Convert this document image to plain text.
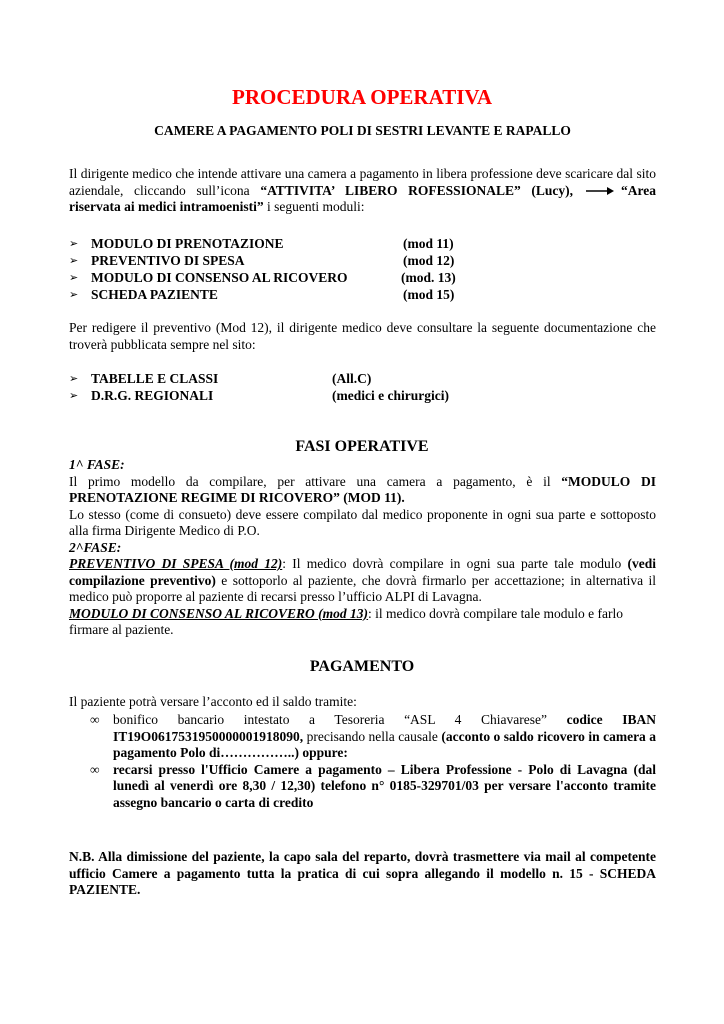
PROCEDURA OPERATIVA
CAMERE A PAGAMENTO POLI DI SESTRI LEVANTE E RAPALLO
Il dirigente medico che intende attivare una camera a pagamento in libera professione deve scaricare dal sito aziendale, cliccando sull’icona “ATTIVITA’ LIBERO ROFESSIONALE” (Lucy),	“Area riservata ai medici intramoenisti” i seguenti moduli:
➢ MODULO DI PRENOTAZIONE	(mod 11)
➢ PREVENTIVO DI SPESA	(mod 12)
➢ MODULO DI CONSENSO AL RICOVERO	(mod. 13)
➢ SCHEDA PAZIENTE	(mod 15)
Per redigere il preventivo (Mod 12), il dirigente medico deve consultare la seguente documentazione che troverà pubblicata sempre nel sito:
➢ TABELLE E CLASSI	(All.C)
➢ D.R.G. REGIONALI	(medici e chirurgici)
FASI OPERATIVE
1^ FASE:
Il primo modello da compilare, per attivare una camera a pagamento, è il “MODULO DI PRENOTAZIONE REGIME DI RICOVERO” (MOD 11).
Lo stesso (come di consueto) deve essere compilato dal medico proponente in ogni sua parte e sottoposto alla firma Dirigente Medico di P.O.
2^FASE:
PREVENTIVO DI SPESA (mod 12): Il medico dovrà compilare in ogni sua parte tale modulo (vedi compilazione preventivo) e sottoporlo al paziente, che dovrà firmarlo per accettazione; in alternativa il medico può proporre al paziente di recarsi presso l’ufficio ALPI di Lavagna.
MODULO DI CONSENSO AL RICOVERO (mod 13): il medico dovrà compilare tale modulo e farlo firmare al paziente.
PAGAMENTO
Il paziente potrà versare l’acconto ed il saldo tramite:
∞ bonifico bancario intestato a Tesoreria “ASL 4 Chiavarese” codice IBAN IT19O0617531950000001918090, precisando nella causale (acconto o saldo ricovero in camera a pagamento Polo di……………..) oppure:
∞ recarsi presso l'Ufficio Camere a pagamento – Libera Professione - Polo di Lavagna (dal lunedì al venerdì ore 8,30 / 12,30) telefono n° 0185-329701/03 per versare l'acconto tramite assegno bancario o carta di credito
N.B. Alla dimissione del paziente, la capo sala del reparto, dovrà trasmettere via mail al competente ufficio Camere a pagamento tutta la pratica di cui sopra allegando il modello n. 15 - SCHEDA PAZIENTE.
